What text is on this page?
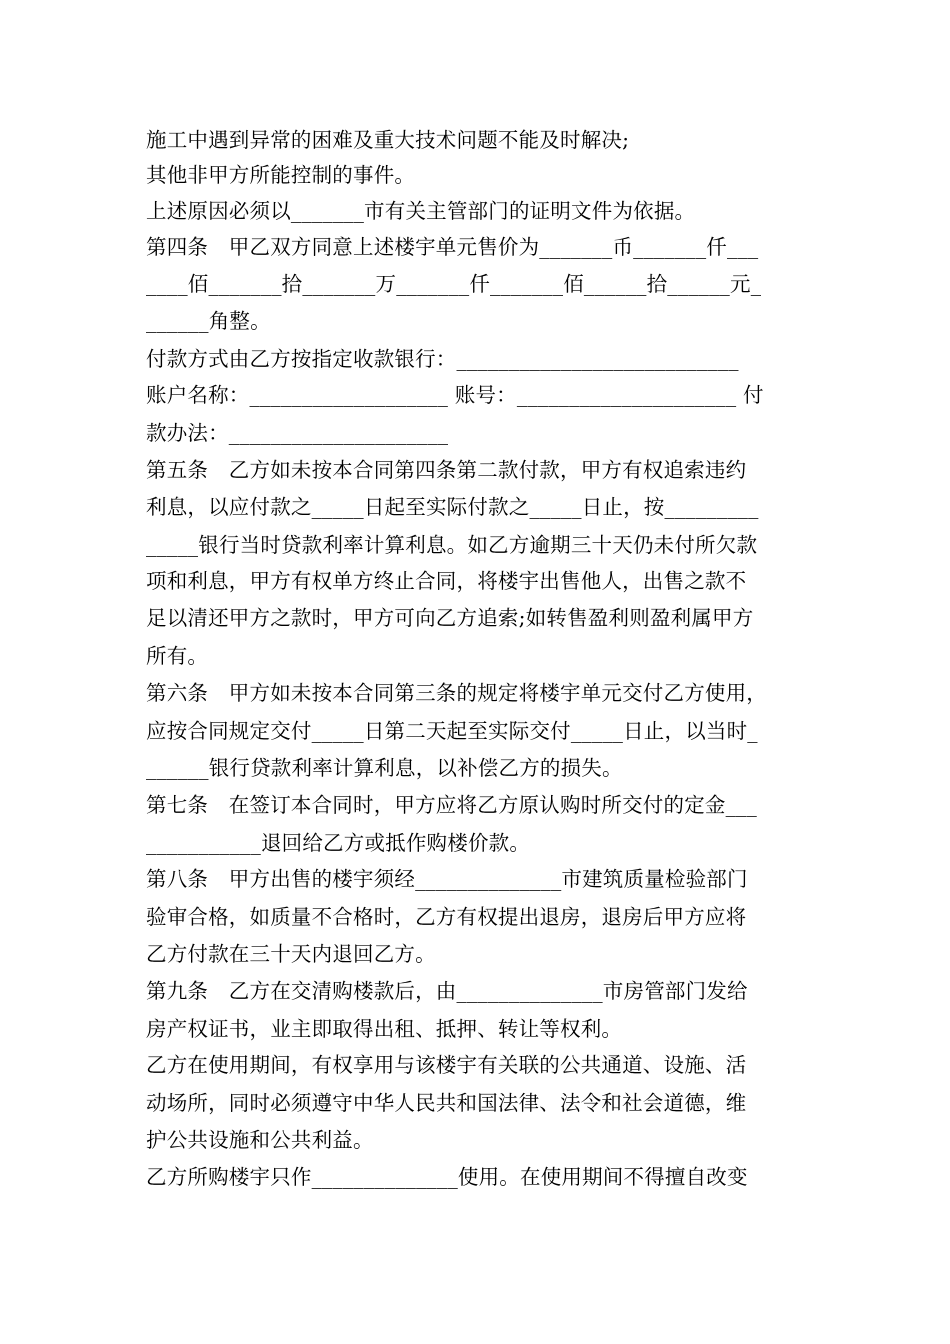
施工中遇到异常的困难及重大技术问题不能及时解决;

其他非甲方所能控制的事件。

上述原因必须以_______市有关主管部门的证明文件为依据。

第四条　甲乙双方同意上述楼宇单元售价为_______币_______仟___

____佰_______拾_______万_______仟_______佰______拾______元_

______角整。

付款方式由乙方按指定收款银行：___________________________

账户名称：___________________ 账号：_____________________ 付

款办法：_____________________

第五条　乙方如未按本合同第四条第二款付款，甲方有权追索违约

利息，以应付款之_____日起至实际付款之_____日止，按_________

_____银行当时贷款利率计算利息。如乙方逾期三十天仍未付所欠款

项和利息，甲方有权单方终止合同，将楼宇出售他人，出售之款不

足以清还甲方之款时，甲方可向乙方追索;如转售盈利则盈利属甲方

所有。

第六条　甲方如未按本合同第三条的规定将楼宇单元交付乙方使用，

应按合同规定交付_____日第二天起至实际交付_____日止，以当时_

______银行贷款利率计算利息，以补偿乙方的损失。

第七条　在签订本合同时，甲方应将乙方原认购时所交付的定金___

___________退回给乙方或抵作购楼价款。

第八条　甲方出售的楼宇须经______________市建筑质量检验部门

验审合格，如质量不合格时，乙方有权提出退房，退房后甲方应将

乙方付款在三十天内退回乙方。

第九条　乙方在交清购楼款后，由______________市房管部门发给

房产权证书，业主即取得出租、抵押、转让等权利。

乙方在使用期间，有权享用与该楼宇有关联的公共通道、设施、活

动场所，同时必须遵守中华人民共和国法律、法令和社会道德，维

护公共设施和公共利益。

乙方所购楼宇只作______________使用。在使用期间不得擅自改变
